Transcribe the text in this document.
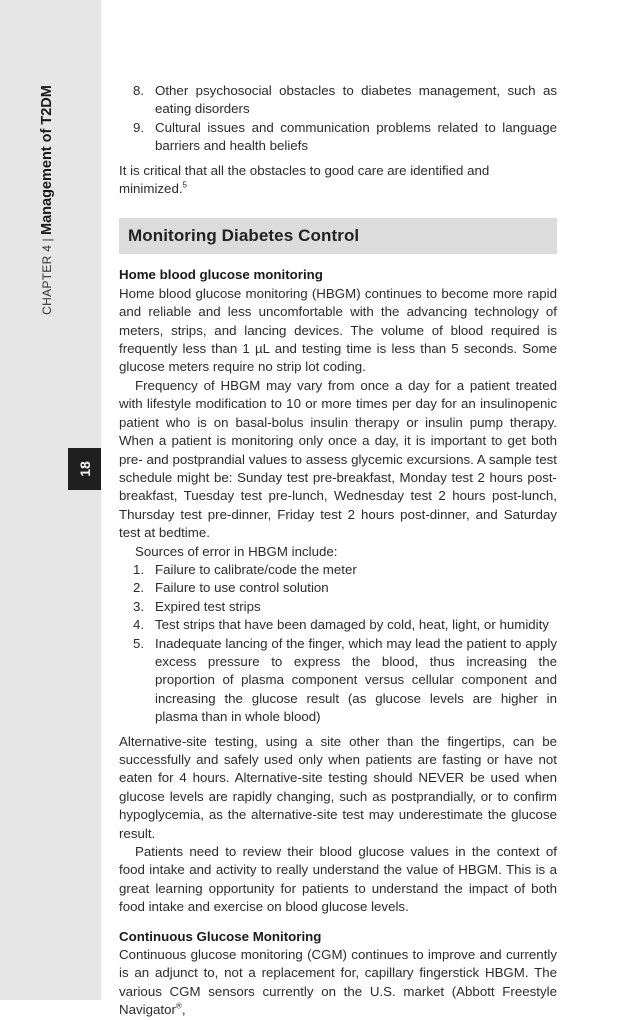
CHAPTER 4 | Management of T2DM
18
8. Other psychosocial obstacles to diabetes management, such as eating disorders
9. Cultural issues and communication problems related to language barriers and health beliefs

It is critical that all the obstacles to good care are identified and minimized.$^5$

Monitoring Diabetes Control
Home blood glucose monitoring

Home blood glucose monitoring (HBGM) continues to become more rapid and reliable and less uncomfortable with the advancing technology of meters, strips, and lancing devices. The volume of blood required is frequently less than 1 µL and testing time is less than 5 seconds. Some glucose meters require no strip lot coding.

Frequency of HBGM may vary from once a day for a patient treated with lifestyle modification to 10 or more times per day for an insulinopenic patient who is on basal-bolus insulin therapy or insulin pump therapy. When a patient is monitoring only once a day, it is important to get both pre- and postprandial values to assess glycemic excursions. A sample test schedule might be: Sunday test pre-breakfast, Monday test 2 hours post-breakfast, Tuesday test pre-lunch, Wednesday test 2 hours post-lunch, Thursday test pre-dinner, Friday test 2 hours post-dinner, and Saturday test at bedtime.

Sources of error in HBGM include:

1. Failure to calibrate/code the meter
2. Failure to use control solution
3. Expired test strips
4. Test strips that have been damaged by cold, heat, light, or humidity
5. Inadequate lancing of the finger, which may lead the patient to apply excess pressure to express the blood, thus increasing the proportion of plasma component versus cellular component and increasing the glucose result (as glucose levels are higher in plasma than in whole blood)

Alternative-site testing, using a site other than the fingertips, can be successfully and safely used only when patients are fasting or have not eaten for 4 hours. Alternative-site testing should NEVER be used when glucose levels are rapidly changing, such as postprandially, or to confirm hypoglycemia, as the alternative-site test may underestimate the glucose result.

Patients need to review their blood glucose values in the context of food intake and activity to really understand the value of HBGM. This is a great learning opportunity for patients to understand the impact of both food intake and exercise on blood glucose levels.

Continuous Glucose Monitoring

Continuous glucose monitoring (CGM) continues to improve and currently is an adjunct to, not a replacement for, capillary fingerstick HBGM. The various CGM sensors currently on the U.S. market (Abbott Freestyle Navigator®,
